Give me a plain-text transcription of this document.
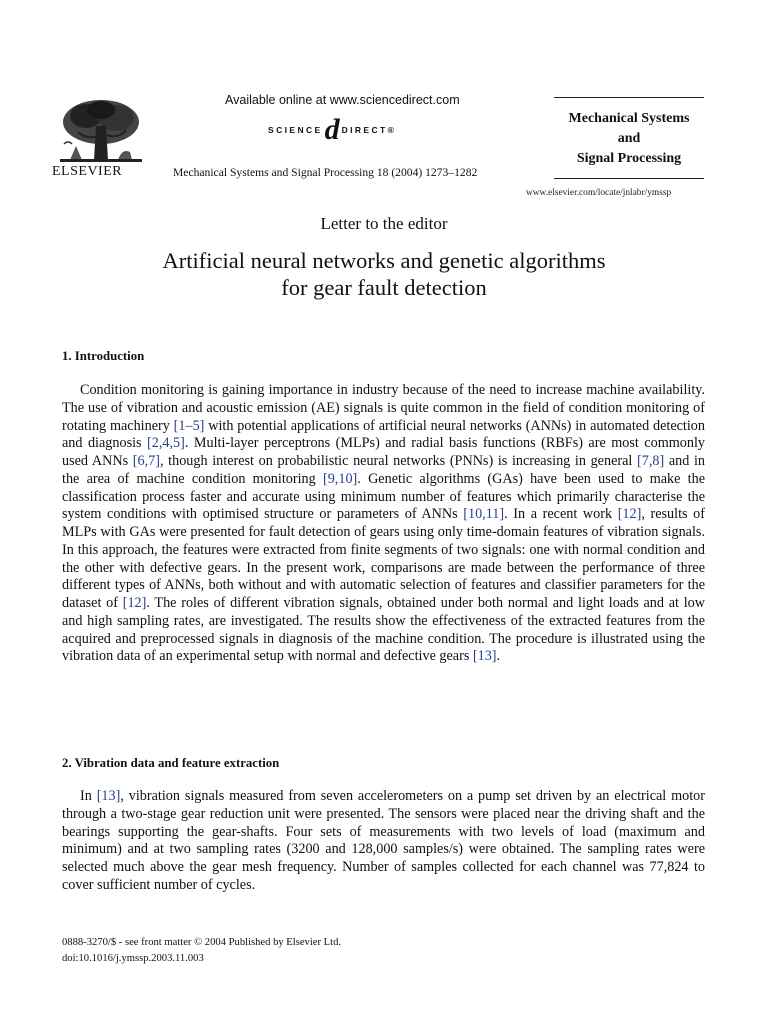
ELSEVIER
Available online at www.sciencedirect.com
SCIENCE d DIRECT®
Mechanical Systems and Signal Processing 18 (2004) 1273–1282
Mechanical Systems
and
Signal Processing
www.elsevier.com/locate/jnlabr/ymssp
Letter to the editor
Artificial neural networks and genetic algorithms
for gear fault detection
1. Introduction

Condition monitoring is gaining importance in industry because of the need to increase machine availability. The use of vibration and acoustic emission (AE) signals is quite common in the field of condition monitoring of rotating machinery [1–5] with potential applications of artificial neural networks (ANNs) in automated detection and diagnosis [2,4,5]. Multi-layer perceptrons (MLPs) and radial basis functions (RBFs) are most commonly used ANNs [6,7], though interest on probabilistic neural networks (PNNs) is increasing in general [7,8] and in the area of machine condition monitoring [9,10]. Genetic algorithms (GAs) have been used to make the classification process faster and accurate using minimum number of features which primarily characterise the system conditions with optimised structure or parameters of ANNs [10,11]. In a recent work [12], results of MLPs with GAs were presented for fault detection of gears using only time-domain features of vibration signals. In this approach, the features were extracted from finite segments of two signals: one with normal condition and the other with defective gears. In the present work, comparisons are made between the performance of three different types of ANNs, both without and with automatic selection of features and classifier parameters for the dataset of [12]. The roles of different vibration signals, obtained under both normal and light loads and at low and high sampling rates, are investigated. The results show the effectiveness of the extracted features from the acquired and preprocessed signals in diagnosis of the machine condition. The procedure is illustrated using the vibration data of an experimental setup with normal and defective gears [13].

2. Vibration data and feature extraction

In [13], vibration signals measured from seven accelerometers on a pump set driven by an electrical motor through a two-stage gear reduction unit were presented. The sensors were placed near the driving shaft and the bearings supporting the gear-shafts. Four sets of measurements with two levels of load (maximum and minimum) and at two sampling rates (3200 and 128,000 samples/s) were obtained. The sampling rates were selected much above the gear mesh frequency. Number of samples collected for each channel was 77,824 to cover sufficient number of cycles.

0888-3270/$ - see front matter © 2004 Published by Elsevier Ltd.
doi:10.1016/j.ymssp.2003.11.003
